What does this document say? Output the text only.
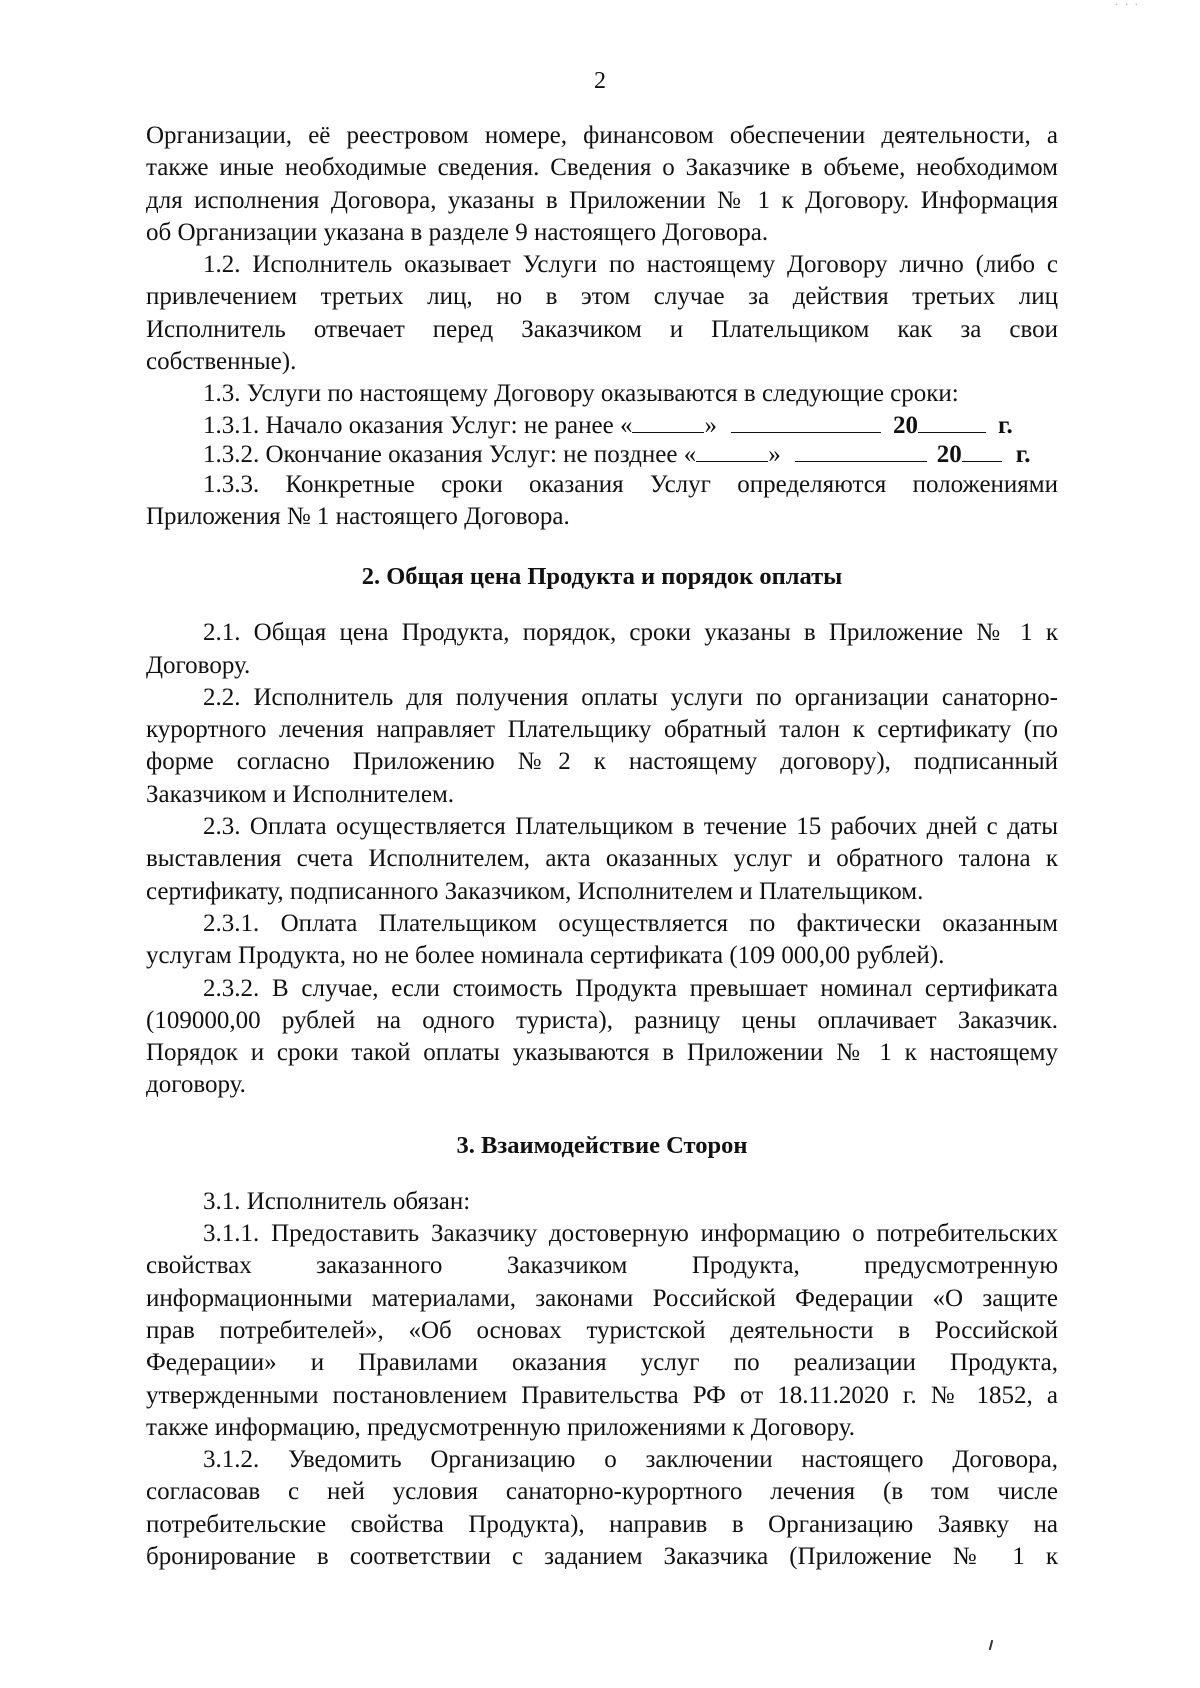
· · ·
2

Организации, её реестровом номере, финансовом обеспечении деятельности, а
также иные необходимые сведения. Сведения о Заказчике в объеме, необходимом
для исполнения Договора, указаны в Приложении № 1 к Договору. Информация
об Организации указана в разделе 9 настоящего Договора.

1.2. Исполнитель оказывает Услуги по настоящему Договору лично (либо с
привлечением третьих лиц, но в этом случае за действия третьих лиц
Исполнитель отвечает перед Заказчиком и Плательщиком как за свои
собственные).

1.3. Услуги по настоящему Договору оказываются в следующие сроки:

1.3.1. Начало оказания Услуг: не ранее «	»	20	г.
1.3.2. Окончание оказания Услуг: не позднее «	»	20 г.

1.3.3. Конкретные сроки оказания Услуг определяются положениями
Приложения № 1 настоящего Договора.

2. Общая цена Продукта и порядок оплаты

2.1. Общая цена Продукта, порядок, сроки указаны в Приложение № 1 к
Договору.

2.2. Исполнитель для получения оплаты услуги по организации санаторно-
курортного лечения направляет Плательщику обратный талон к сертификату (по
форме согласно Приложению №2 к настоящему договору), подписанный
Заказчиком и Исполнителем.

2.3. Оплата осуществляется Плательщиком в течение 15 рабочих дней с даты
выставления счета Исполнителем, акта оказанных услуг и обратного талона к
сертификату, подписанного Заказчиком, Исполнителем и Плательщиком.

2.3.1. Оплата Плательщиком осуществляется по фактически оказанным
услугам Продукта, но не более номинала сертификата (109 000,00 рублей).

2.3.2. В случае, если стоимость Продукта превышает номинал сертификата
(109000,00 рублей на одного туриста), разницу цены оплачивает Заказчик.
Порядок и сроки такой оплаты указываются в Приложении № 1 к настоящему
договору.

3. Взаимодействие Сторон

3.1. Исполнитель обязан:

3.1.1. Предоставить Заказчику достоверную информацию о потребительских
свойствах заказанного Заказчиком Продукта, предусмотренную
информационными материалами, законами Российской Федерации «О защите
прав потребителей», «Об основах туристской деятельности в Российской
Федерации» и Правилами оказания услуг по реализации Продукта,
утвержденными постановлением Правительства РФ от 18.11.2020 г. № 1852, а
также информацию, предусмотренную приложениями к Договору.

3.1.2. Уведомить Организацию о заключении настоящего Договора,
согласовав с ней условия санаторно-курортного лечения (в том числе
потребительские свойства Продукта), направив в Организацию Заявку на
бронирование в соответствии с заданием Заказчика (Приложение № 1 к
